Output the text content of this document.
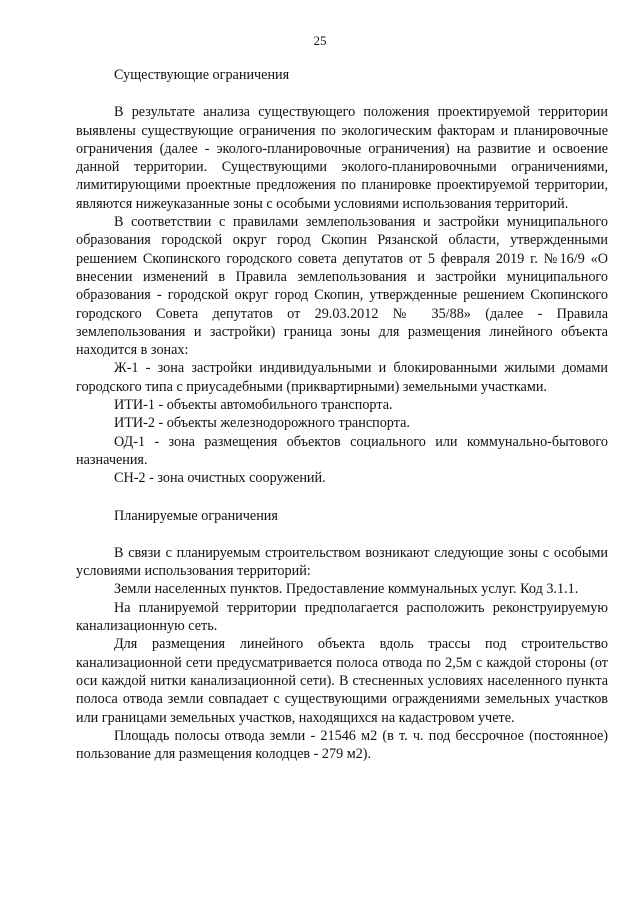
25
Существующие ограничения

В результате анализа существующего положения проектируемой территории выявлены существующие ограничения по экологическим факторам и планировочные ограничения (далее - эколого-планировочные ограничения) на развитие и освоение данной территории. Существующими эколого-планировочными ограничениями, лимитирующими проектные предложения по планировке проектируемой территории, являются нижеуказанные зоны с особыми условиями использования территорий.

В соответствии с правилами землепользования и застройки муниципального образования городской округ город Скопин Рязанской области, утвержденными решением Скопинского городского совета депутатов от 5 февраля 2019 г. №16/9 «О внесении изменений в Правила землепользования и застройки муниципального образования - городской округ город Скопин, утвержденные решением Скопинского городского Совета депутатов от 29.03.2012 № 35/88» (далее - Правила землепользования и застройки) граница зоны для размещения линейного объекта находится в зонах:

Ж-1 - зона застройки индивидуальными и блокированными жилыми домами городского типа с приусадебными (приквартирными) земельными участками.

ИТИ-1 - объекты автомобильного транспорта.

ИТИ-2 - объекты железнодорожного транспорта.

ОД-1 - зона размещения объектов социального или коммунально-бытового назначения.

СН-2 - зона очистных сооружений.

Планируемые ограничения

В связи с планируемым строительством возникают следующие зоны с особыми условиями использования территорий:

Земли населенных пунктов. Предоставление коммунальных услуг. Код 3.1.1.

На планируемой территории предполагается расположить реконструируемую канализационную сеть.

Для размещения линейного объекта вдоль трассы под строительство канализационной сети предусматривается полоса отвода по 2,5м с каждой стороны (от оси каждой нитки канализационной сети). В стесненных условиях населенного пункта полоса отвода земли совпадает с существующими ограждениями земельных участков или границами земельных участков, находящихся на кадастровом учете.

Площадь полосы отвода земли - 21546 м2 (в т. ч. под бессрочное (постоянное) пользование для размещения колодцев - 279 м2).
